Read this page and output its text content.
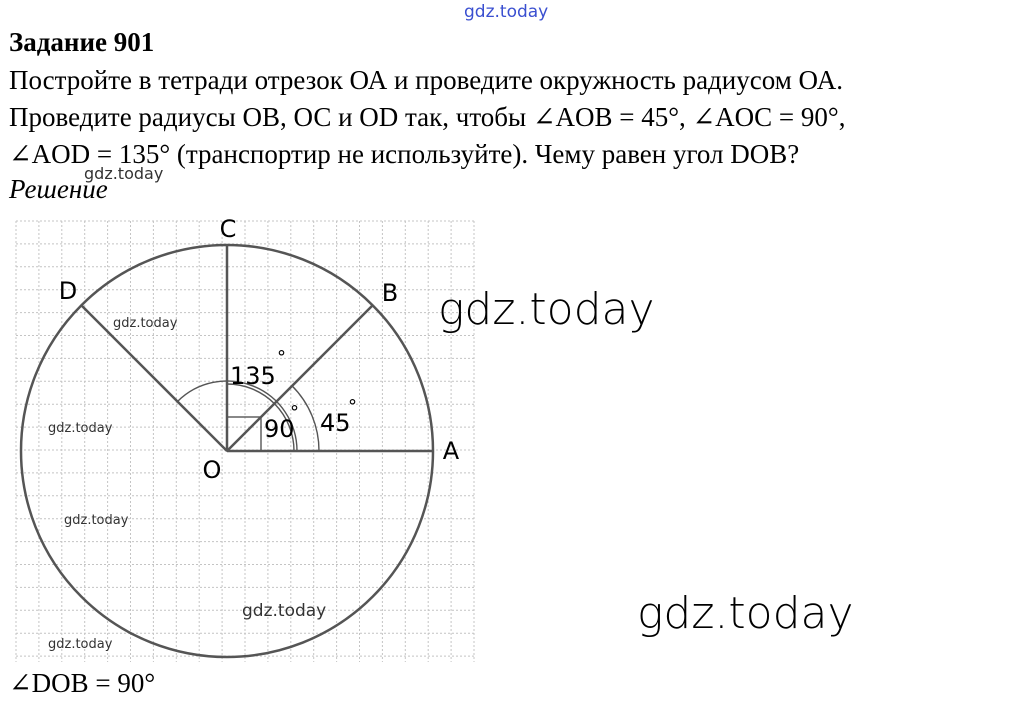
gdz.today
Задание 901
Постройте в тетради отрезок ОА и проведите окружность радиусом ОА.
Проведите радиусы ОВ, ОС и OD так, чтобы ∠AOB = 45°, ∠AOC = 90°,
∠AOD = 135° (транспортир не используйте). Чему равен угол DOB?
Решение
C
B
D
A
O
135
°
90
° 45
°
gdz.today
gdz.today
gdz.today
gdz.today
gdz.today
gdz.today
gdz.today
gdz.today
∠DOB = 90°
